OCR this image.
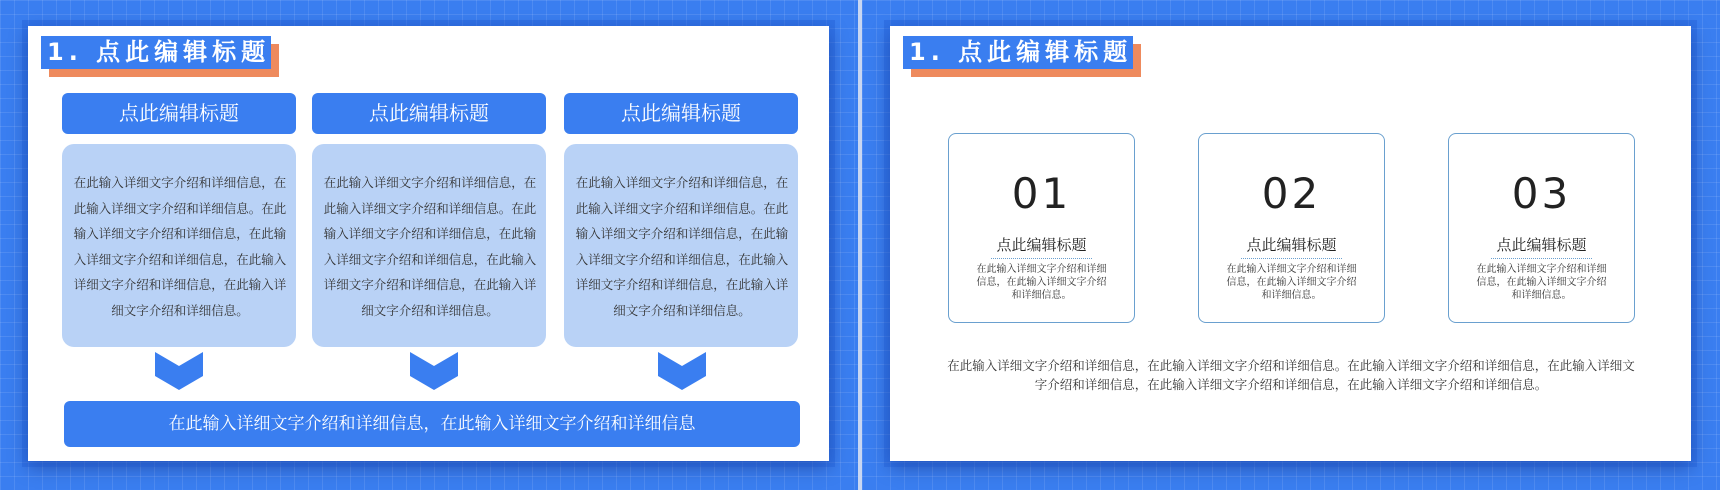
1. 点此编辑标题
点此编辑标题
在此输入详细文字介绍和详细信息，在此输入详细文字介绍和详细信息。在此输入详细文字介绍和详细信息，在此输入详细文字介绍和详细信息，在此输入详细文字介绍和详细信息，在此输入详细文字介绍和详细信息。
点此编辑标题
在此输入详细文字介绍和详细信息，在此输入详细文字介绍和详细信息。在此输入详细文字介绍和详细信息，在此输入详细文字介绍和详细信息，在此输入详细文字介绍和详细信息，在此输入详细文字介绍和详细信息。
点此编辑标题
在此输入详细文字介绍和详细信息，在此输入详细文字介绍和详细信息。在此输入详细文字介绍和详细信息，在此输入详细文字介绍和详细信息，在此输入详细文字介绍和详细信息，在此输入详细文字介绍和详细信息。
在此输入详细文字介绍和详细信息，在此输入详细文字介绍和详细信息
1. 点此编辑标题
01
点此编辑标题
在此输入详细文字介绍和详细信息，在此输入详细文字介绍和详细信息。
02
点此编辑标题
在此输入详细文字介绍和详细信息，在此输入详细文字介绍和详细信息。
03
点此编辑标题
在此输入详细文字介绍和详细信息，在此输入详细文字介绍和详细信息。
在此输入详细文字介绍和详细信息，在此输入详细文字介绍和详细信息。在此输入详细文字介绍和详细信息，在此输入详细文字介绍和详细信息，在此输入详细文字介绍和详细信息，在此输入详细文字介绍和详细信息。
